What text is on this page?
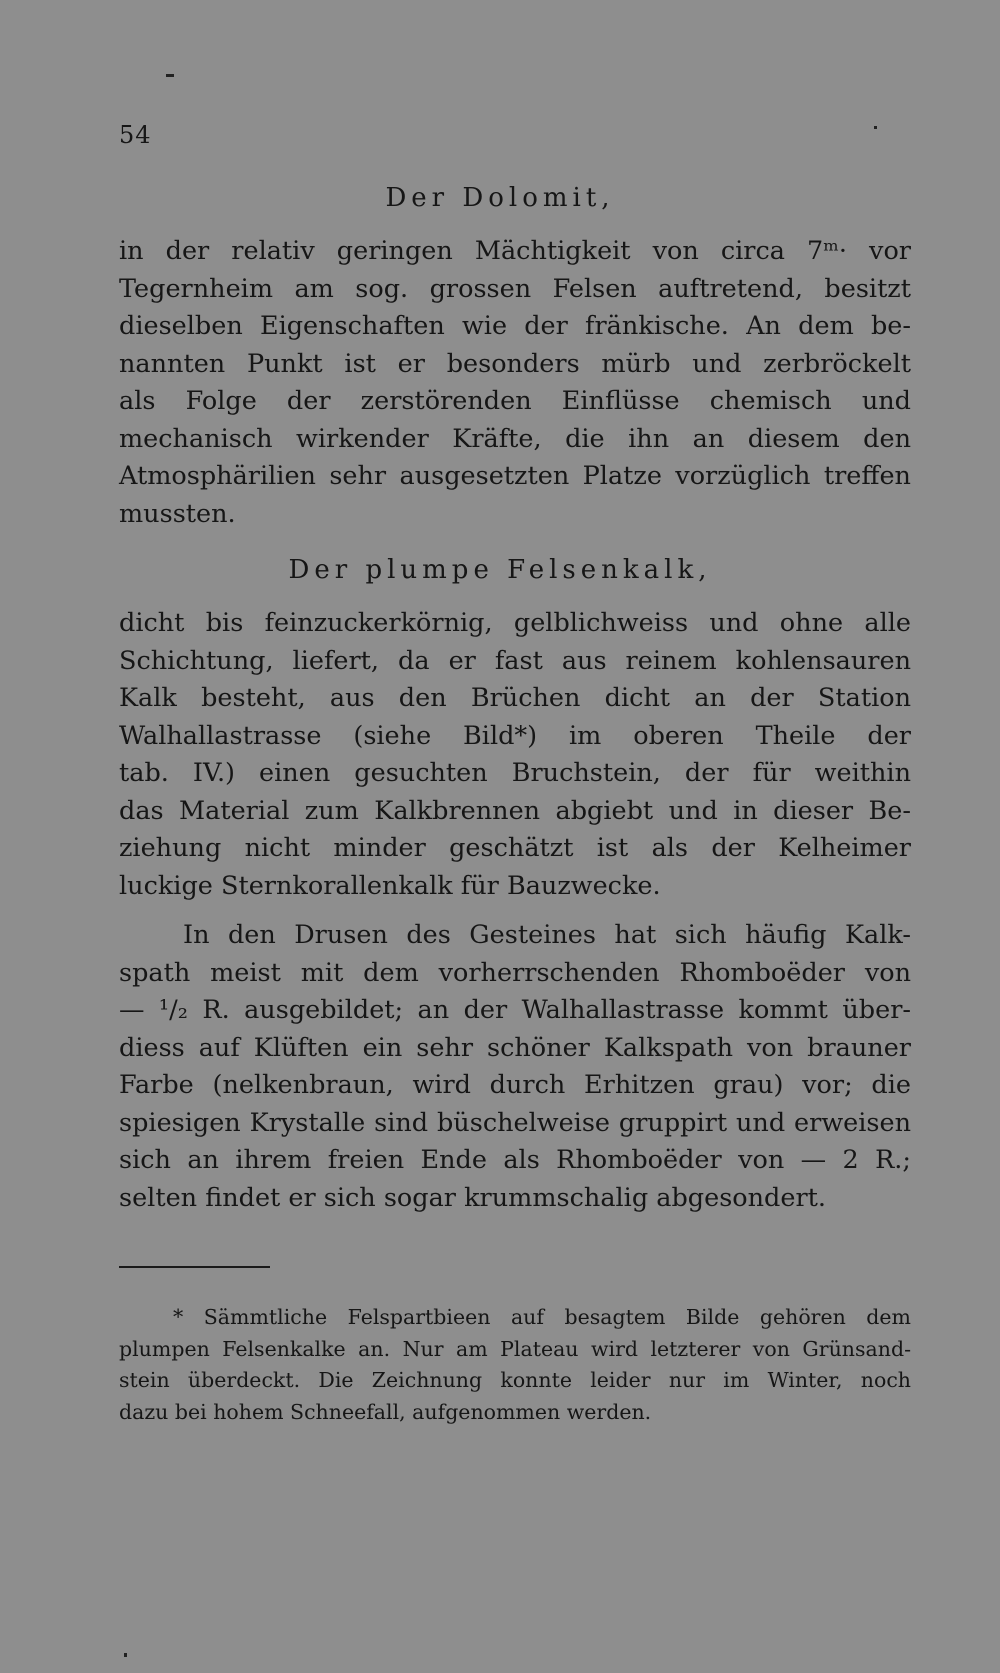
54
Der Dolomit,
in der relativ geringen Mächtigkeit von circa 7ᵐ· vor
Tegernheim am sog. grossen Felsen auftretend, besitzt
dieselben Eigenschaften wie der fränkische. An dem be-
nannten Punkt ist er besonders mürb und zerbröckelt
als Folge der zerstörenden Einflüsse chemisch und
mechanisch wirkender Kräfte, die ihn an diesem den
Atmosphärilien sehr ausgesetzten Platze vorzüglich treffen
mussten.
Der plumpe Felsenkalk,
dicht bis feinzuckerkörnig, gelblichweiss und ohne alle
Schichtung, liefert, da er fast aus reinem kohlensauren
Kalk besteht, aus den Brüchen dicht an der Station
Walhallastrasse (siehe Bild*) im oberen Theile der
tab. IV.) einen gesuchten Bruchstein, der für weithin
das Material zum Kalkbrennen abgiebt und in dieser Be-
ziehung nicht minder geschätzt ist als der Kelheimer
luckige Sternkorallenkalk für Bauzwecke.
In den Drusen des Gesteines hat sich häufig Kalk-
spath meist mit dem vorherrschenden Rhomboëder von
— ¹/₂ R. ausgebildet; an der Walhallastrasse kommt über-
diess auf Klüften ein sehr schöner Kalkspath von brauner
Farbe (nelkenbraun, wird durch Erhitzen grau) vor; die
spiesigen Krystalle sind büschelweise gruppirt und erweisen
sich an ihrem freien Ende als Rhomboëder von — 2 R.;
selten findet er sich sogar krummschalig abgesondert.
* Sämmtliche Felspartbieen auf besagtem Bilde gehören dem
plumpen Felsenkalke an. Nur am Plateau wird letzterer von Grünsand-
stein überdeckt. Die Zeichnung konnte leider nur im Winter, noch
dazu bei hohem Schneefall, aufgenommen werden.
